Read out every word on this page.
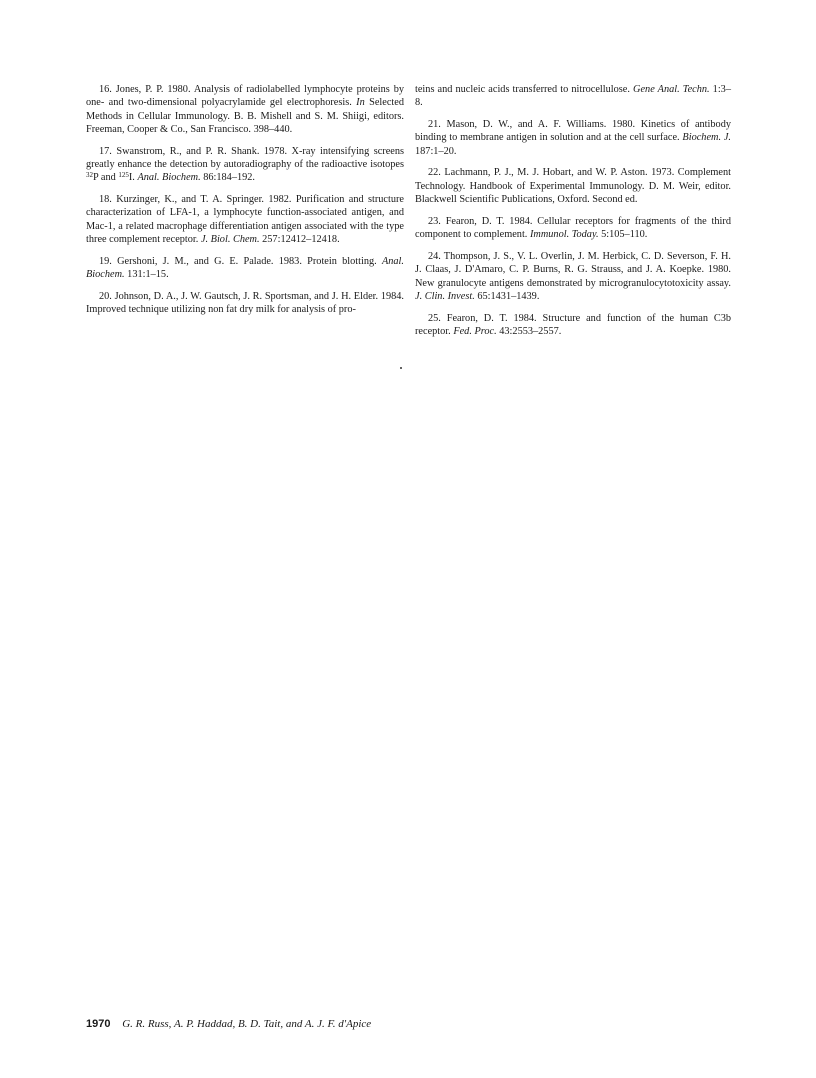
16. Jones, P. P. 1980. Analysis of radiolabelled lymphocyte proteins by one- and two-dimensional polyacrylamide gel electrophoresis. In Selected Methods in Cellular Immunology. B. B. Mishell and S. M. Shiigi, editors. Freeman, Cooper & Co., San Francisco. 398–440.

17. Swanstrom, R., and P. R. Shank. 1978. X-ray intensifying screens greatly enhance the detection by autoradiography of the radioactive isotopes $^{32}$P and $^{125}$I. Anal. Biochem. 86:184–192.

18. Kurzinger, K., and T. A. Springer. 1982. Purification and structure characterization of LFA-1, a lymphocyte function-associated antigen, and Mac-1, a related macrophage differentiation antigen associated with the type three complement receptor. J. Biol. Chem. 257:12412–12418.

19. Gershoni, J. M., and G. E. Palade. 1983. Protein blotting. Anal. Biochem. 131:1–15.

20. Johnson, D. A., J. W. Gautsch, J. R. Sportsman, and J. H. Elder. 1984. Improved technique utilizing non fat dry milk for analysis of pro-

teins and nucleic acids transferred to nitrocellulose. Gene Anal. Techn. 1:3–8.

21. Mason, D. W., and A. F. Williams. 1980. Kinetics of antibody binding to membrane antigen in solution and at the cell surface. Biochem. J. 187:1–20.

22. Lachmann, P. J., M. J. Hobart, and W. P. Aston. 1973. Complement Technology. Handbook of Experimental Immunology. D. M. Weir, editor. Blackwell Scientific Publications, Oxford. Second ed.

23. Fearon, D. T. 1984. Cellular receptors for fragments of the third component to complement. Immunol. Today. 5:105–110.

24. Thompson, J. S., V. L. Overlin, J. M. Herbick, C. D. Severson, F. H. J. Claas, J. D'Amaro, C. P. Burns, R. G. Strauss, and J. A. Koepke. 1980. New granulocyte antigens demonstrated by microgranulocytotoxicity assay. J. Clin. Invest. 65:1431–1439.

25. Fearon, D. T. 1984. Structure and function of the human C3b receptor. Fed. Proc. 43:2553–2557.

1970 G. R. Russ, A. P. Haddad, B. D. Tait, and A. J. F. d'Apice
